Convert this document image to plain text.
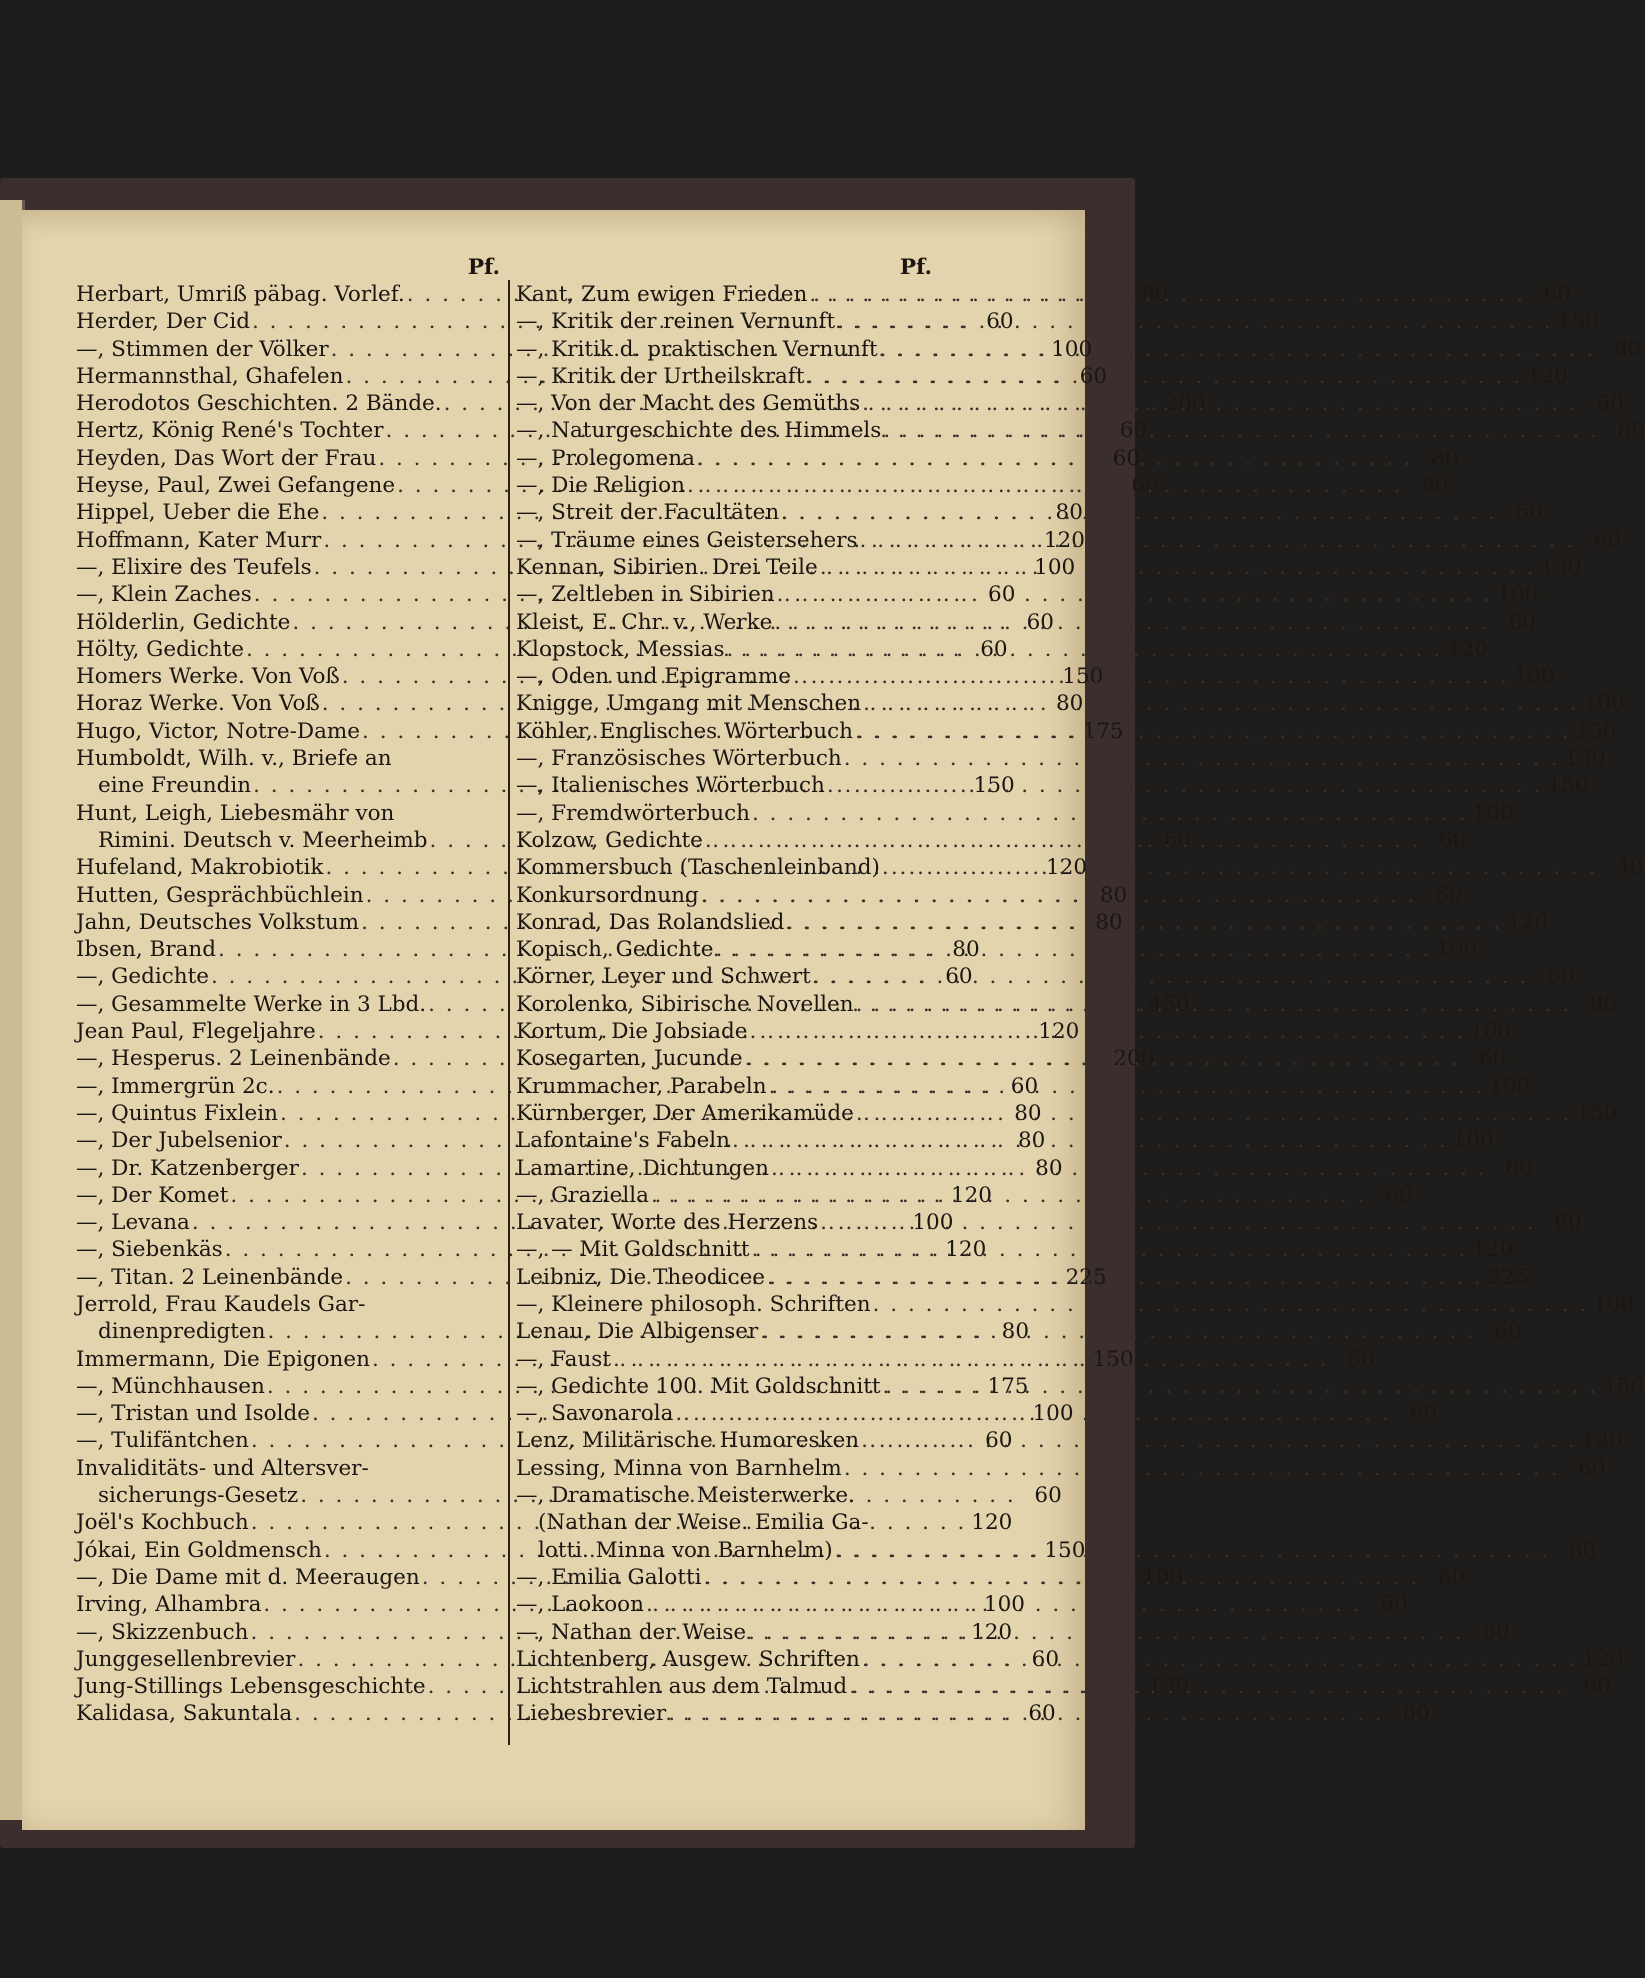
Pf.
Herbart, Umriß päbag. Vorlef. . . .	80
Herder, Der Cid . . .	60
—, Stimmen der Völker . . .	100
Hermannsthal, Ghafelen . . .	60
Herodotos Geschichten. 2 Bände. . . .	200
Hertz, König René's Tochter . . .	60
Heyden, Das Wort der Frau . . .	60
Heyse, Paul, Zwei Gefangene . . .	60
Hippel, Ueber die Ehe . . .	80
Hoffmann, Kater Murr . . .	120
—, Elixire des Teufels . . .	100
—, Klein Zaches . . .	60
Hölderlin, Gedichte . . .	60
Hölty, Gedichte . . .	60
Homers Werke. Von Voß . . .	150
Horaz Werke. Von Voß . . .	80
Hugo, Victor, Notre-Dame . . .	175
Humboldt, Wilh. v., Briefe an
eine Freundin . . .	150
Hunt, Leigh, Liebesmähr von
Rimini. Deutsch v. Meerheimb . . .	60
Hufeland, Makrobiotik . . .	120
Hutten, Gesprächbüchlein . . .	80
Jahn, Deutsches Volkstum . . .	80
Ibsen, Brand . . .	80
—, Gedichte . . .	60
—, Gesammelte Werke in 3 Lbd. . . .	450
Jean Paul, Flegeljahre . . .	120
—, Hesperus. 2 Leinenbände . . .	200
—, Immergrün 2c. . . .	60
—, Quintus Fixlein . . .	80
—, Der Jubelsenior . . .	80
—, Dr. Katzenberger . . .	80
—, Der Komet . . .	120
—, Levana . . .	100
—, Siebenkäs . . .	120
—, Titan. 2 Leinenbände . . .	225
Jerrold, Frau Kaudels Gar-
dinenpredigten . . .	80
Immermann, Die Epigonen . . .	150
—, Münchhausen . . .	175
—, Tristan und Isolde . . .	100
—, Tulifäntchen . . .	60
Invaliditäts- und Altersver-
sicherungs-Gesetz . . .	60
Joël's Kochbuch . . .	120
Jókai, Ein Goldmensch . . .	150
—, Die Dame mit d. Meeraugen . . .	100
Irving, Alhambra . . .	100
—, Skizzenbuch . . .	120
Junggesellenbrevier . . .	60
Jung-Stillings Lebensgeschichte . . .	150
Kalidasa, Sakuntala . . .	60
Pf.
Kant, Zum ewigen Frieden . . .	60
—, Kritik der reinen Vernunft . . .	150
—, Kritik d. praktischen Vernunft . . .	80
—, Kritik der Urtheilskraft . . .	120
—, Von der Macht des Gemüths . . .	60
—, Naturgeschichte des Himmels . . .	80
—, Prolegomena . . .	80
—, Die Religion . . .	80
—, Streit der Facultäten . . .	60
—, Träume eines Geistersehers . . .	60
Kennan, Sibirien. Drei Teile . . .	150
—, Zeltleben in Sibirien . . .	100
Kleist, E. Chr. v., Werke . . .	60
Klopstock, Messias . . .	120
—, Oden und Epigramme . . .	100
Knigge, Umgang mit Menschen . . .	100
Köhler, Englisches Wörterbuch . . .	150
—, Französisches Wörterbuch . . .	150
—, Italienisches Wörterbuch . . .	150
—, Fremdwörterbuch . . .	100
Kolzow, Gedichte . . .	60
Kommersbuch (Taschenleinband) . . .	40
Konkursordnung . . .	60
Konrad, Das Rolandslied . . .	120
Kopisch, Gedichte . . .	100
Körner, Leyer und Schwert . . .	60
Korolenko, Sibirische Novellen . . .	80
Kortum, Die Jobsiade . . .	100
Kosegarten, Jucunde . . .	60
Krummacher, Parabeln . . .	100
Kürnberger, Der Amerikamüde . . .	150
Lafontaine's Fabeln . . .	100
Lamartine, Dichtungen . . .	60
—, Graziella . . .	60
Lavater, Worte des Herzens . . .	60
—, — Mit Goldschnitt . . .	120
Leibniz, Die Theodicee . . .	225
—, Kleinere philosoph. Schriften . . .	100
Lenau, Die Albigenser . . .	60
—, Faust . . .	60
—, Gedichte 100. Mit Goldschnitt . . .	150
—, Savonarola . . .	60
Lenz, Militärische Humoresken . . .	120
Lessing, Minna von Barnhelm . . .	60
—, Dramatische Meisterwerke.
(Nathan der Weise. Emilia Ga-
lotti. Minna von Barnhelm) . . .	80
—, Emilia Galotti . . .	60
—, Laokoon . . .	60
—, Nathan der Weise . . .	60
Lichtenberg, Ausgew. Schriften . . .	120
Lichtstrahlen aus dem Talmud . . .	60
Liebesbrevier . . .	60
